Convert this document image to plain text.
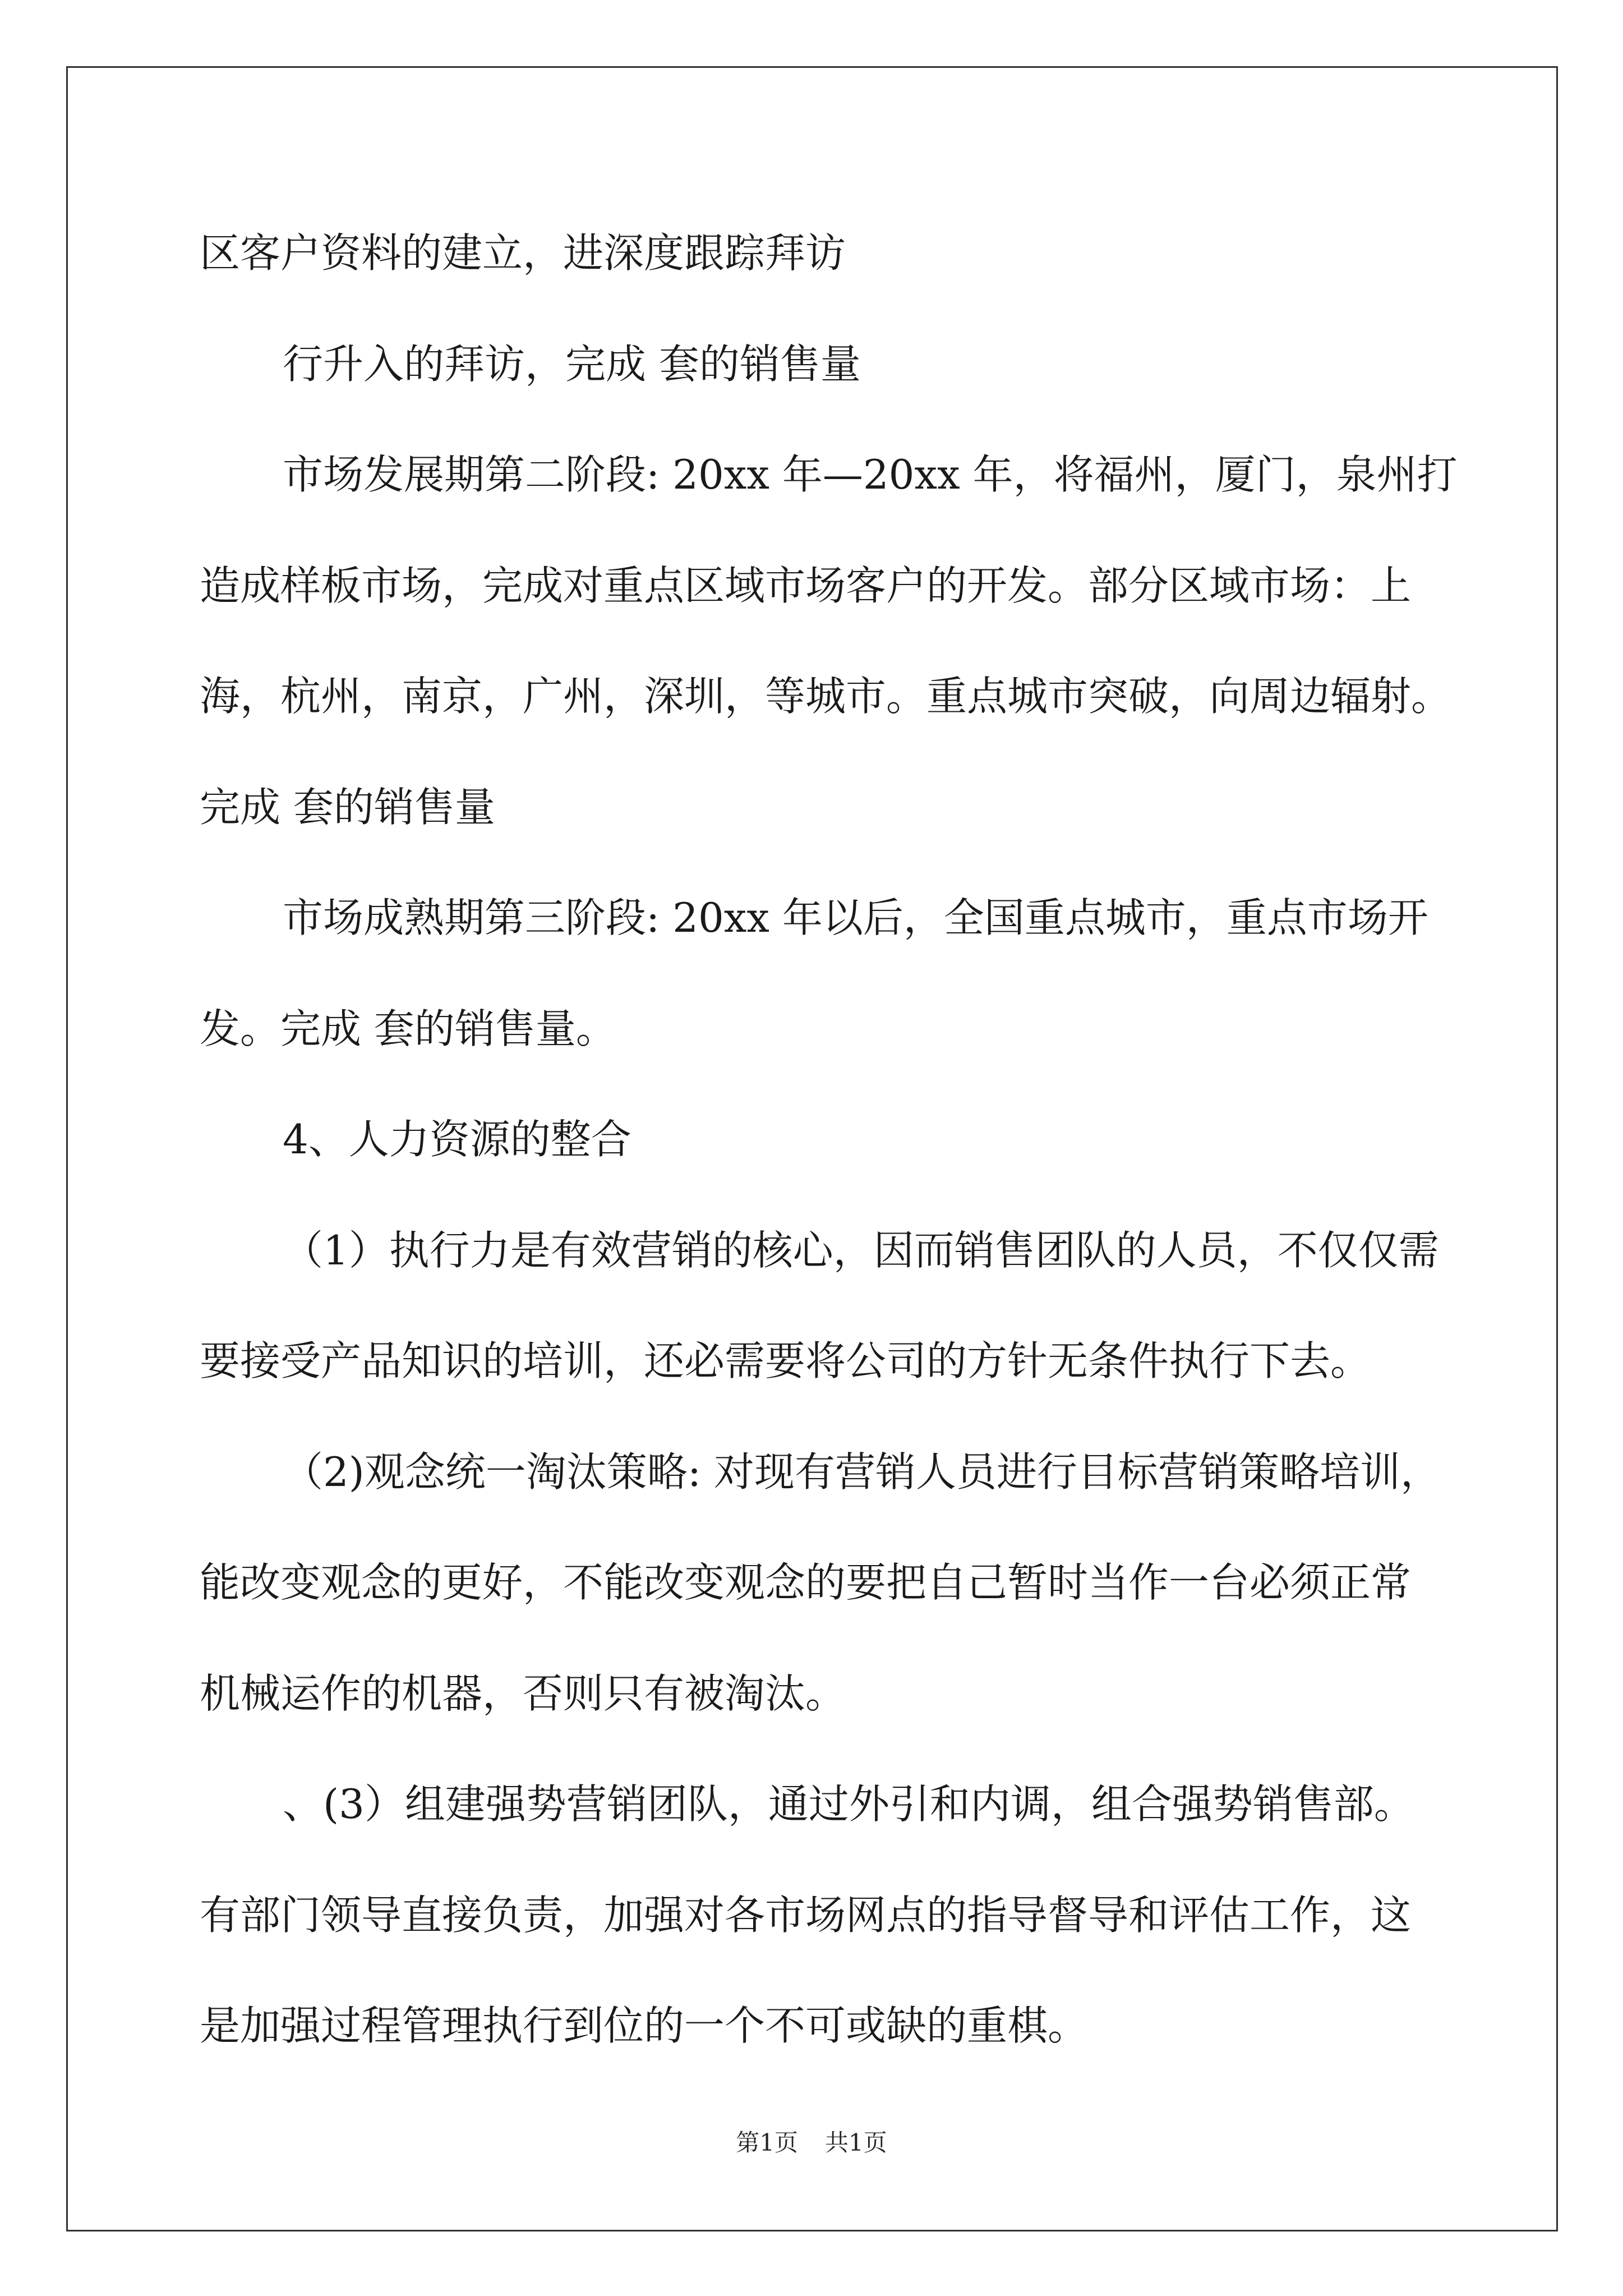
区客户资料的建立，进深度跟踪拜访

行升入的拜访，完成 套的销售量

市场发展期第二阶段: 20xx 年—20xx 年，将福州，厦门，泉州打

造成样板市场，完成对重点区域市场客户的开发。部分区域市场：上

海，杭州，南京，广州，深圳，等城市。重点城市突破，向周边辐射。

完成 套的销售量

市场成熟期第三阶段: 20xx 年以后，全国重点城市，重点市场开

发。完成 套的销售量。

4、人力资源的整合

（1）执行力是有效营销的核心，因而销售团队的人员，不仅仅需

要接受产品知识的培训，还必需要将公司的方针无条件执行下去。

（2)观念统一淘汰策略: 对现有营销人员进行目标营销策略培训，

能改变观念的更好，不能改变观念的要把自己暂时当作一台必须正常

机械运作的机器，否则只有被淘汰。

、(3）组建强势营销团队，通过外引和内调，组合强势销售部。

有部门领导直接负责，加强对各市场网点的指导督导和评估工作，这

是加强过程管理执行到位的一个不可或缺的重棋。

第1页 共1页
